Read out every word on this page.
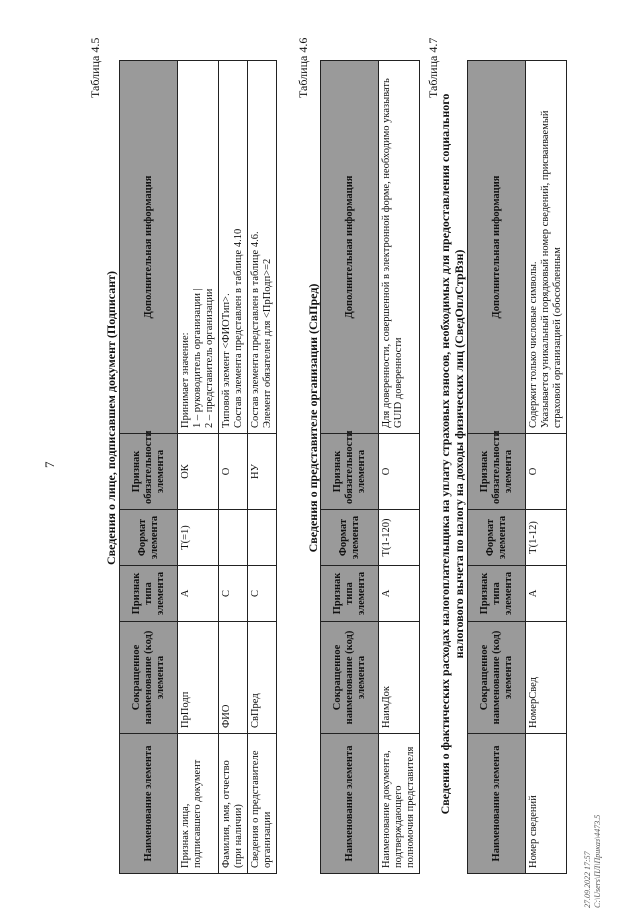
7
Таблица 4.5
Сведения о лице, подписавшем документ (Подписант)
Наименование элемента	Сокращенное наименование (код) элемента	Признак типа элемента	Формат элемента	Признак обязательности элемента	Дополнительная информация
Признак лица, подписавшего документ	ПрПодп	А	Т(=1)	ОК	Принимает значение: 1 – руководитель организации | 2 – представитель организации

Фамилия, имя, отчество (при наличии)	ФИО	С		О	Типовой элемент <ФИОТип>. Состав элемента представлен в таблице 4.10

Сведения о представителе организации	СвПред	С		НУ	Состав элемента представлен в таблице 4.6. Элемент обязателен для <ПрПодп>=2
Таблица 4.6
Сведения о представителе организации (СвПред)
Наименование элемента	Сокращенное наименование (код) элемента	Признак типа элемента	Формат элемента	Признак обязательности элемента	Дополнительная информация
Наименование документа, подтверждающего полномочия представителя	НаимДок	А	Т(1-120)	О	Для доверенности, совершенной в электронной форме, необходимо указывать GUID доверенности
Таблица 4.7
Сведения о фактических расходах налогоплательщика на уплату страховых взносов, необходимых для предоставления социального налогового вычета по налогу на доходы физических лиц (СведОплСтрВзн)
Наименование элемента	Сокращенное наименование (код) элемента	Признак типа элемента	Формат элемента	Признак обязательности элемента	Дополнительная информация
Номер сведений	НомерСвед	А	Т(1-12)	О	Содержит только числовые символы. Указывается уникальный порядковый номер сведений, присваиваемый страховой организацией (обособленным
27.09.2022 17:57 С:\Users\ПЛ\Приказ\4473.5
